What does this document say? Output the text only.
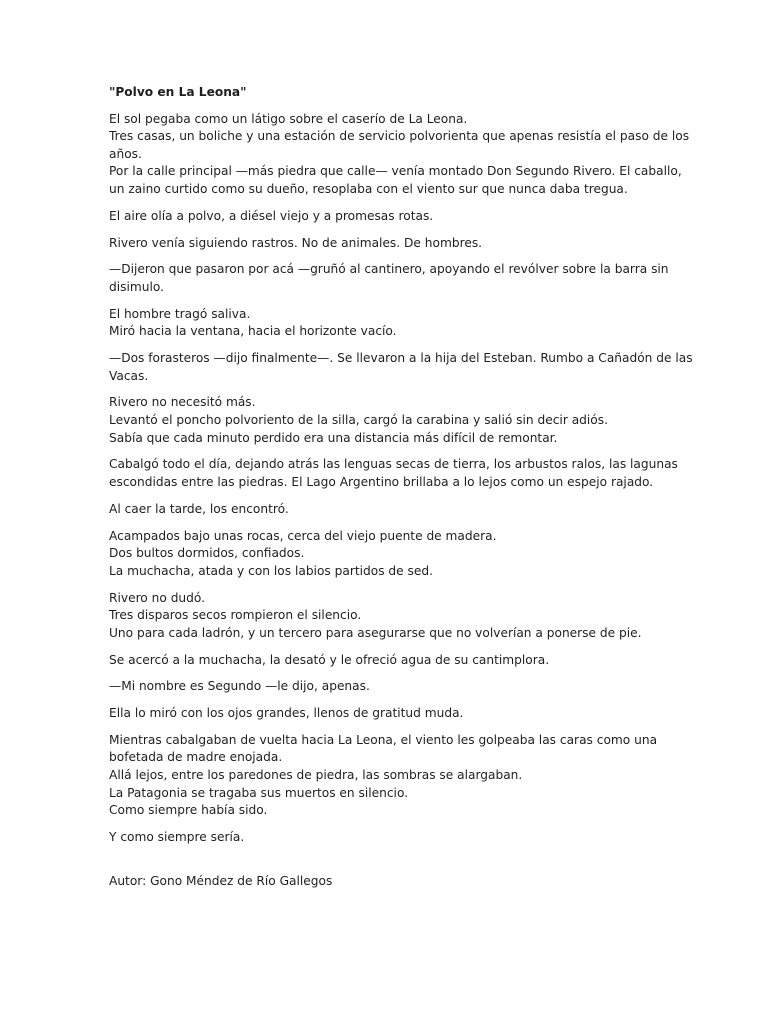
"Polvo en La Leona"
El sol pegaba como un látigo sobre el caserío de La Leona.
Tres casas, un boliche y una estación de servicio polvorienta que apenas resistía el paso de los
años.
Por la calle principal —más piedra que calle— venía montado Don Segundo Rivero. El caballo,
un zaino curtido como su dueño, resoplaba con el viento sur que nunca daba tregua.
El aire olía a polvo, a diésel viejo y a promesas rotas.
Rivero venía siguiendo rastros. No de animales. De hombres.
—Dijeron que pasaron por acá —gruñó al cantinero, apoyando el revólver sobre la barra sin
disimulo.
El hombre tragó saliva.
Miró hacia la ventana, hacia el horizonte vacío.
—Dos forasteros —dijo finalmente—. Se llevaron a la hija del Esteban. Rumbo a Cañadón de las
Vacas.
Rivero no necesitó más.
Levantó el poncho polvoriento de la silla, cargó la carabina y salió sin decir adiós.
Sabía que cada minuto perdido era una distancia más difícil de remontar.
Cabalgó todo el día, dejando atrás las lenguas secas de tierra, los arbustos ralos, las lagunas
escondidas entre las piedras. El Lago Argentino brillaba a lo lejos como un espejo rajado.
Al caer la tarde, los encontró.
Acampados bajo unas rocas, cerca del viejo puente de madera.
Dos bultos dormidos, confiados.
La muchacha, atada y con los labios partidos de sed.
Rivero no dudó.
Tres disparos secos rompieron el silencio.
Uno para cada ladrón, y un tercero para asegurarse que no volverían a ponerse de pie.
Se acercó a la muchacha, la desató y le ofreció agua de su cantimplora.
—Mi nombre es Segundo —le dijo, apenas.
Ella lo miró con los ojos grandes, llenos de gratitud muda.
Mientras cabalgaban de vuelta hacia La Leona, el viento les golpeaba las caras como una
bofetada de madre enojada.
Allá lejos, entre los paredones de piedra, las sombras se alargaban.
La Patagonia se tragaba sus muertos en silencio.
Como siempre había sido.
Y como siempre sería.
Autor: Gono Méndez de Río Gallegos
